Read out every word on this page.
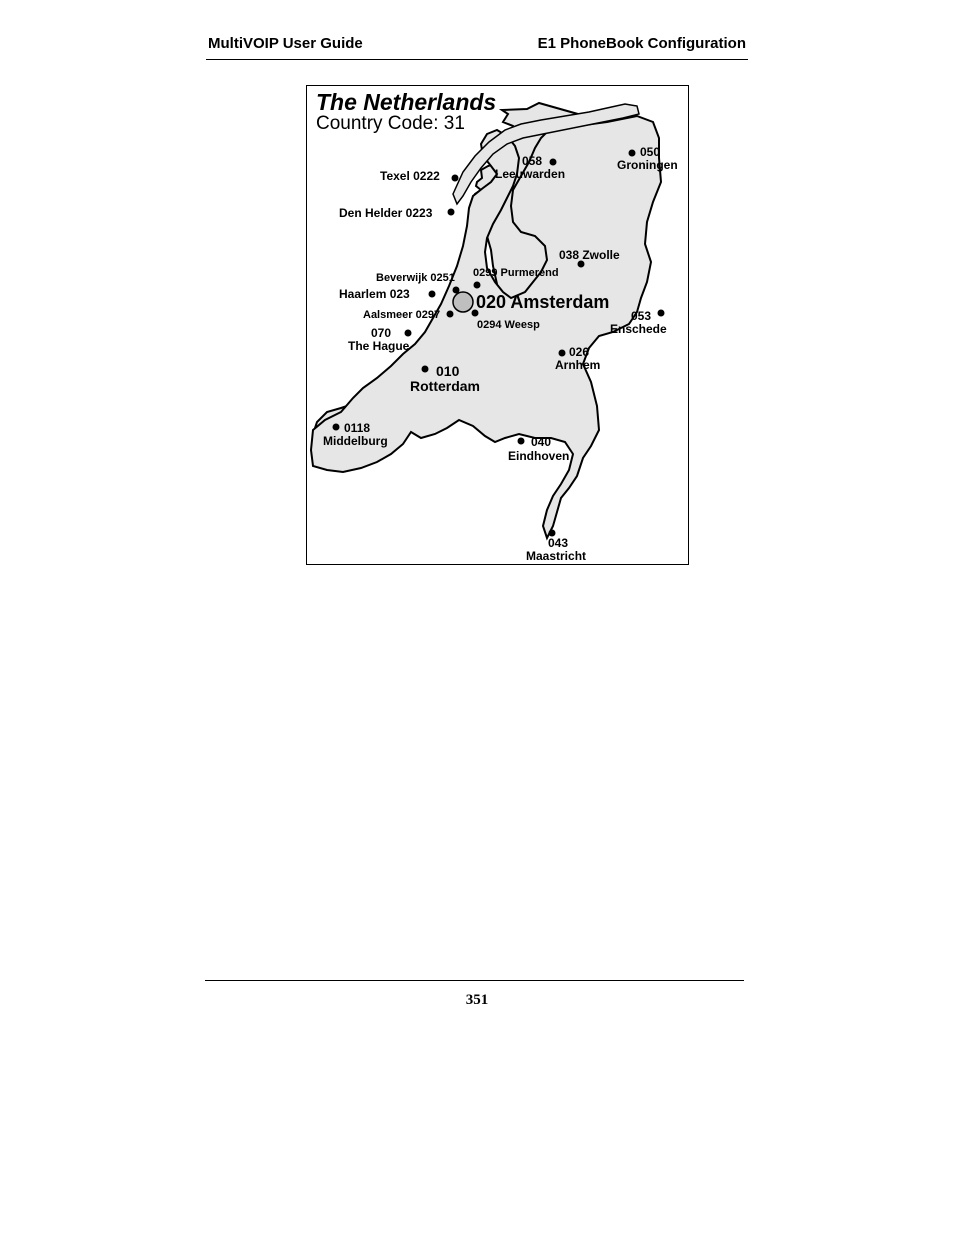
MultiVOIP User Guide	E1 PhoneBook Configuration
The Netherlands
Country Code: 31
Texel 0222
Den Helder 0223
058
Leeuwarden
050
Groningen
038 Zwolle
Beverwijk 0251 0299 Purmerend
Haarlem 023	020 Amsterdam
Aalsmeer 0297
0294 Weesp
053
Enschede
070
The Hague	026
Arnhem
010
Rotterdam
0118
Middelburg	040
Eindhoven
043
Maastricht
351
